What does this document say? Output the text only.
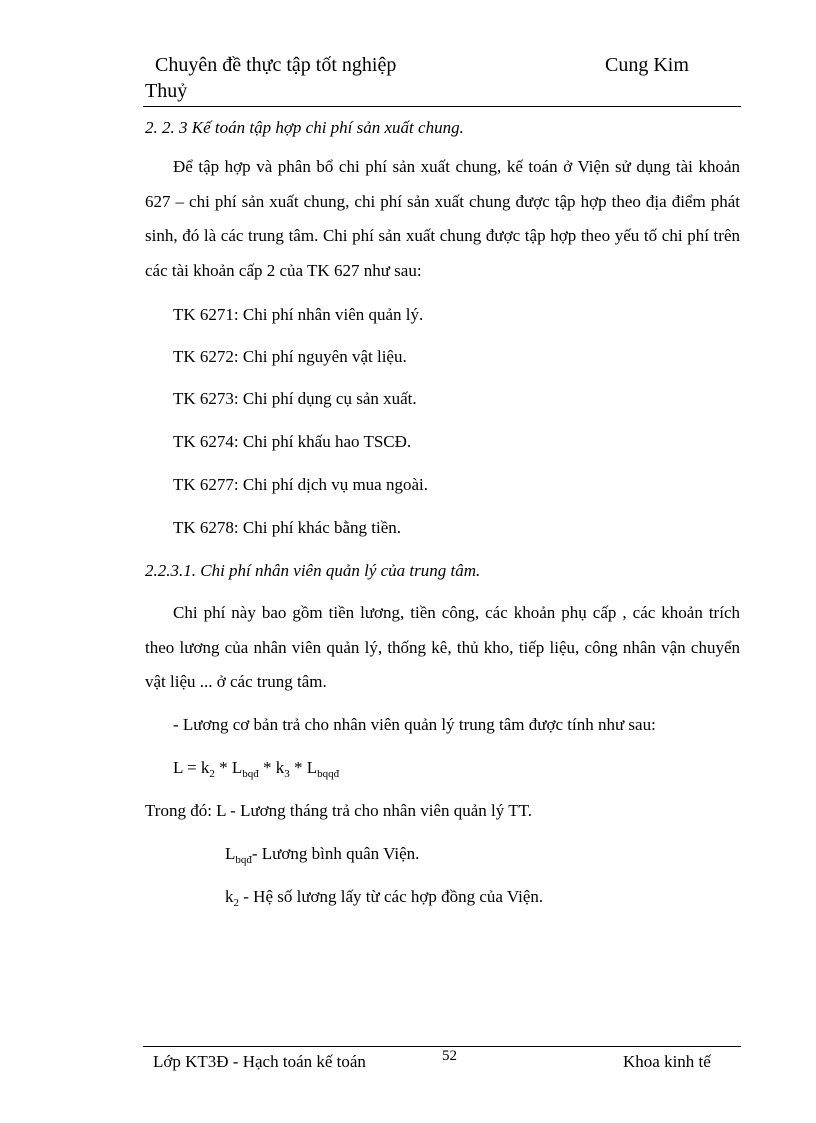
Chuyên đề thực tập tốt nghiệp	Cung Kim
Thuỷ
2. 2. 3 Kế toán tập hợp chi phí sản xuất chung.

Để tập hợp và phân bổ chi phí sản xuất chung, kế toán ở Viện sử dụng tài khoản 627 – chi phí sản xuất chung, chi phí sản xuất chung được tập hợp theo địa điểm phát sinh, đó là các trung tâm. Chi phí sản xuất chung được tập hợp theo yếu tố chi phí trên các tài khoản cấp 2 của TK 627 như sau:

TK 6271: Chi phí nhân viên quản lý.
TK 6272: Chi phí nguyên vật liệu.
TK 6273: Chi phí dụng cụ sản xuất.
TK 6274: Chi phí khấu hao TSCĐ.
TK 6277: Chi phí dịch vụ mua ngoài.
TK 6278: Chi phí khác bằng tiền.
2.2.3.1. Chi phí nhân viên quản lý của trung tâm.

Chi phí này bao gồm tiền lương, tiền công, các khoản phụ cấp , các khoản trích theo lương của nhân viên quản lý, thống kê, thủ kho, tiếp liệu, công nhân vận chuyển vật liệu ... ở các trung tâm.

- Lương cơ bản trả cho nhân viên quản lý trung tâm được tính như sau:
$L = k_2 * L_{bqđ} * k_3 * L_{bqqđ}$
Trong đó: L - Lương tháng trả cho nhân viên quản lý TT.
$L_{bqđ}-$ Lương bình quân Viện.
$k_2$ - Hệ số lương lấy từ các hợp đồng của Viện.
Lớp KT3Đ - Hạch toán kế toán	52	Khoa kinh tế
